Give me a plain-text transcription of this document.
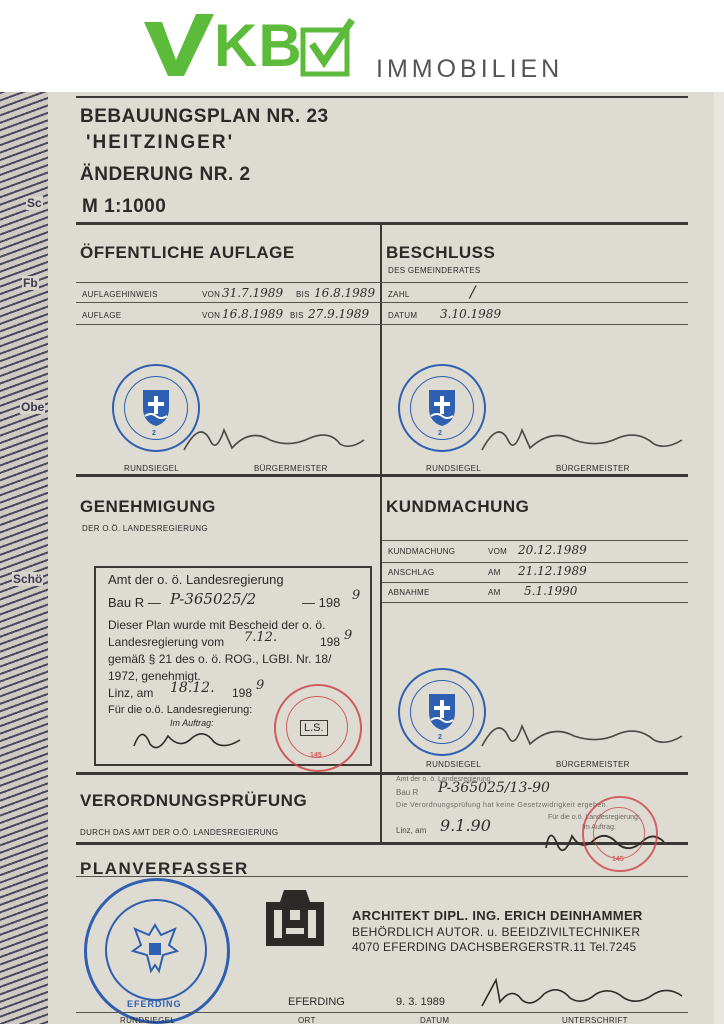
KB	IMMOBILIEN
Sc
Obe
Fb
Schö
BEBAUUNGSPLAN NR. 23
'HEITZINGER'
ÄNDERUNG NR. 2
M 1:1000
ÖFFENTLICHE AUFLAGE
AUFLAGEHINWEIS	VON 31.7.1989 BIS 16.8.1989
AUFLAGE	VON 16.8.1989 BIS 27.9.1989
BESCHLUSS
DES GEMEINDERATES
ZAHL	/
DATUM 3.10.1989
2	2
RUNDSIEGEL	BÜRGERMEISTER	RUNDSIEGEL	BÜRGERMEISTER
GENEHMIGUNG
DER O.Ö. LANDESREGIERUNG
Amt der o. ö. Landesregierung
Bau R — P-365025/2	— 198 9
Dieser Plan wurde mit Bescheid der o. ö.
Landesregierung vom 7.12.	198 9
gemäß § 21 des o. ö. ROG., LGBI. Nr. 18/
1972, genehmigt.
Linz, am 18.12. 198 9
Für die o.ö. Landesregierung:
Im Auftrag:	L.S.
145
KUNDMACHUNG
KUNDMACHUNG	VOM 20.12.1989
ANSCHLAG	AM 21.12.1989
ABNAHME	AM 5.1.1990
2
RUNDSIEGEL	BÜRGERMEISTER
VERORDNUNGSPRÜFUNG
DURCH DAS AMT DER O.Ö. LANDESREGIERUNG
Amt der o. ö. Landesregierung
Bau R P-365025/13-90
Die Verordnungsprüfung hat keine Gesetzwidrigkeit ergeben.
Für die o.ö. Landesregierung:
Im Auftrag:
Linz, am 9.1.90
145
PLANVERFASSER
EFERDING
ARCHITEKT DIPL. ING. ERICH DEINHAMMER
BEHÖRDLICH AUTOR. u. BEEIDZIVILTECHNIKER
4070 EFERDING DACHSBERGERSTR.11 Tel.7245
EFERDING	9. 3. 1989
RUNDSIEGEL	ORT	DATUM	UNTERSCHRIFT
